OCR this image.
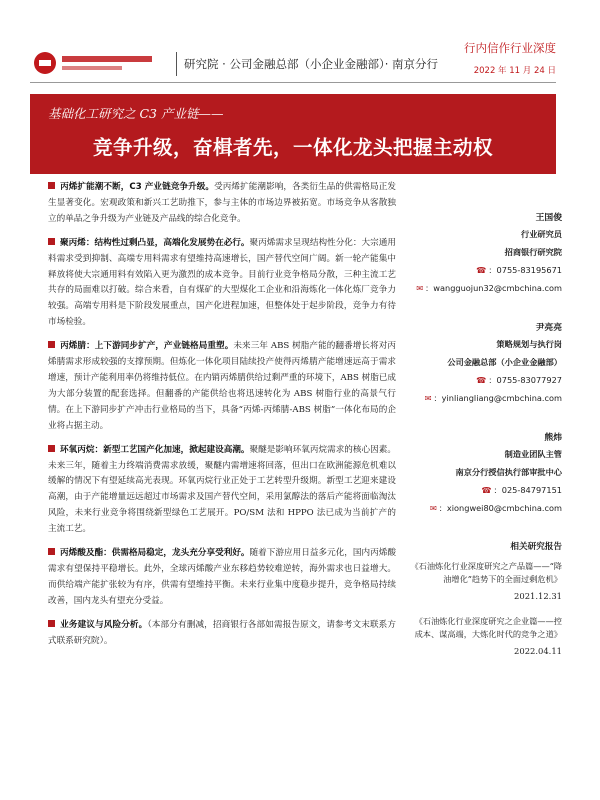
研究院 · 公司金融总部（小企业金融部）· 南京分行
行内信作行业深度
2022 年 11 月 24 日
基础化工研究之 C3 产业链——
竞争升级，奋楫者先，一体化龙头把握主动权

丙烯扩能潮不断，C3 产业链竞争升级。受丙烯扩能潮影响，各类衍生品的供需格局正发生显著变化。宏观政策和新兴工艺助推下，参与主体的市场边界被拓宽。市场竞争从客散独立的单品之争升级为产业链及产品线的综合化竞争。

聚丙烯：结构性过剩凸显，高端化发展势在必行。聚丙烯需求呈现结构性分化：大宗通用料需求受到抑制、高端专用料需求有望维持高速增长，国产替代空间广阔。新一轮产能集中释放将使大宗通用料有效陷入更为激烈的成本竞争。目前行业竞争格局分散，三种主流工艺共存的局面难以打破。综合来看，自有煤矿的大型煤化工企业和沿海炼化一体化炼厂竞争力较强。高端专用料是下阶段发展重点，国产化进程加速，但整体处于起步阶段，竞争力有待市场检验。

丙烯腈：上下游同步扩产，产业链格局重塑。未来三年 ABS 树脂产能的翻番增长将对丙烯腈需求形成较强的支撑预期。但炼化一体化项目陆续投产使得丙烯腈产能增速远高于需求增速，预计产能利用率仍将维持低位。在内销丙烯腈供给过剩严重的环境下，ABS 树脂已成为大部分装置的配套选择。但翻番的产能供给也将迅速转化为 ABS 树脂行业的高景气行情。在上下游同步扩产冲击行业格局的当下，具备“丙烯-丙烯腈-ABS 树脂”一体化布局的企业将占据主动。

环氧丙烷：新型工艺国产化加速，掀起建设高潮。聚醚是影响环氧丙烷需求的核心因素。未来三年，随着主力终端消费需求放缓，聚醚内需增速将回落，但出口在欧洲能源危机难以缓解的情况下有望延续高光表现。环氧丙烷行业正处于工艺转型升级期。新型工艺迎来建设高潮，由于产能增量远远超过市场需求及国产替代空间，采用氯醇法的落后产能将面临淘汰风险，未来行业竞争将围绕新型绿色工艺展开。PO/SM 法和 HPPO 法已成为当前扩产的主流工艺。

丙烯酸及酯：供需格局稳定，龙头充分享受利好。随着下游应用日益多元化，国内丙烯酸需求有望保持平稳增长。此外，全球丙烯酸产业东移趋势较难逆转，海外需求也日益增大。而供给端产能扩张较为有序，供需有望维持平衡。未来行业集中度稳步提升，竞争格局持续改善，国内龙头有望充分受益。

业务建议与风险分析。（本部分有删减，招商银行各部如需报告原文，请参考文末联系方式联系研究院）。

王国俊
行业研究员
招商银行研究院
☎ ：0755-83195671
✉ ：wangguojun32@cmbchina.com
尹亮亮
策略规划与执行岗
公司金融总部（小企业金融部）
☎ ：0755-83077927
✉ ：yinliangliang@cmbchina.com
熊炜
制造业团队主管
南京分行授信执行部审批中心
☎ ：025-84797151
✉ ：xiongwei80@cmbchina.com
相关研究报告
《石油炼化行业深度研究之产品篇——“降油增化”趋势下的全面过剩危机》
2021.12.31
《石油炼化行业深度研究之企业篇——控成本、谋高端，大炼化时代的竞争之道》
2022.04.11
